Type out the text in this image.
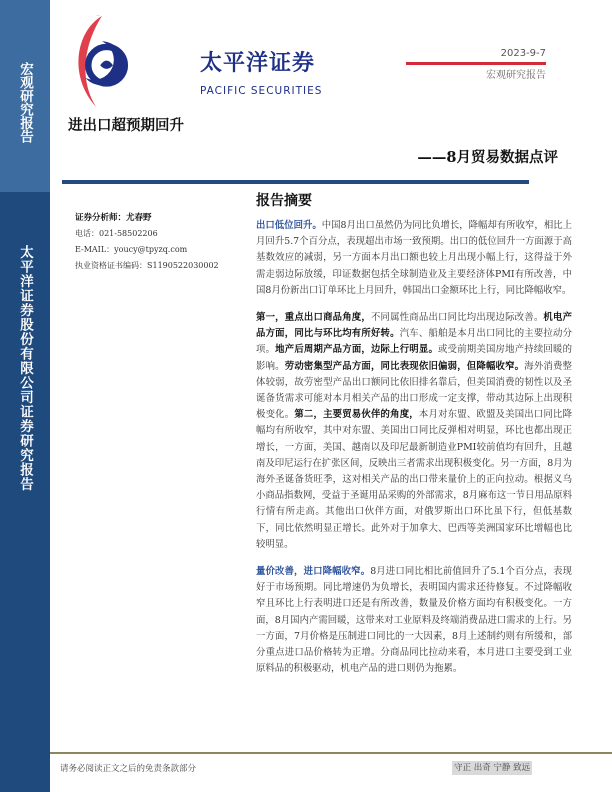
宏观研究报告
太平洋证券股份有限公司证券研究报告
太平洋证券
PACIFIC SECURITIES
2023-9-7
宏观研究报告
进出口超预期回升
——8月贸易数据点评
证券分析师：尤春野
电话：021-58502206
E-MAIL：youcy@tpyzq.com
执业资格证书编码：S1190522030002
报告摘要

出口低位回升。中国8月出口虽然仍为同比负增长，降幅却有所收窄，相比上月回升5.7个百分点，表现超出市场一致预期。出口的低位回升一方面源于高基数效应的减弱，另一方面本月出口额也较上月出现小幅上行，这得益于外需走弱边际放缓，印证数据包括全球制造业及主要经济体PMI有所改善，中国8月份新出口订单环比上月回升，韩国出口金额环比上行，同比降幅收窄。

第一，重点出口商品角度，不同属性商品出口同比均出现边际改善。机电产品方面，同比与环比均有所好转。汽车、船舶是本月出口同比的主要拉动分项。地产后周期产品方面，边际上行明显。或受前期美国房地产持续回暖的影响。劳动密集型产品方面，同比表现依旧偏弱，但降幅收窄。海外消费整体较弱，故劳密型产品出口额同比依旧排名靠后，但美国消费的韧性以及圣诞备货需求可能对本月相关产品的出口形成一定支撑，带动其边际上出现积极变化。第二，主要贸易伙伴的角度，本月对东盟、欧盟及美国出口同比降幅均有所收窄，其中对东盟、美国出口同比反弹相对明显，环比也都出现正增长，一方面，美国、越南以及印尼最新制造业PMI较前值均有回升，且越南及印尼运行在扩张区间，反映出三者需求出现积极变化。另一方面，8月为海外圣诞备货旺季，这对相关产品的出口带来量价上的正向拉动。根据义乌小商品指数网，受益于圣诞用品采购的外部需求，8月麻布这一节日用品原料行情有所走高。其他出口伙伴方面，对俄罗斯出口环比虽下行，但低基数下，同比依然明显正增长。此外对于加拿大、巴西等美洲国家环比增幅也比较明显。

量价改善，进口降幅收窄。8月进口同比相比前值回升了5.1个百分点，表现好于市场预期。同比增速仍为负增长，表明国内需求还待修复。不过降幅收窄且环比上行表明进口还是有所改善，数量及价格方面均有积极变化。一方面，8月国内产需回暖，这带来对工业原料及终端消费品进口需求的上行。另一方面，7月价格是压制进口同比的一大因素，8月上述制约则有所缓和，部分重点进口品价格转为正增。分商品同比拉动来看，本月进口主要受到工业原料品的积极驱动，机电产品的进口则仍为拖累。

请务必阅读正文之后的免责条款部分	守正 出奇 宁静 致远
